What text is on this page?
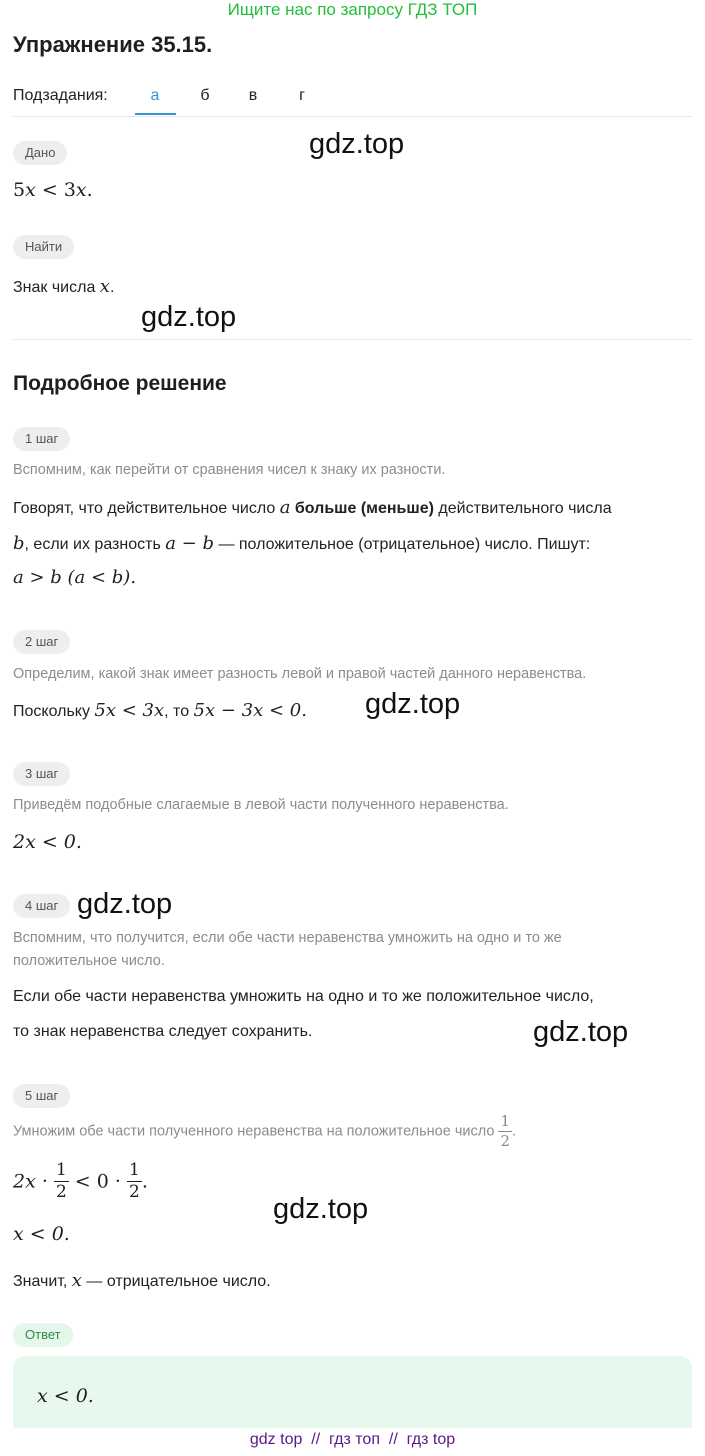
Ищите нас по запросу ГДЗ ТОП
Упражнение 35.15.
Подзадания:	а	б	в	г
Дано	gdz.top
5x < 3x.
Найти
Знак числа x.
gdz.top
Подробное решение
1 шаг
Вспомним, как перейти от сравнения чисел к знаку их разности.
Говорят, что действительное число a больше (меньше) действительного числа
b, если их разность a − b — положительное (отрицательное) число. Пишут:
a > b (a < b).
2 шаг
Определим, какой знак имеет разность левой и правой частей данного неравенства.
Поскольку 5x < 3x, то 5x − 3x < 0. gdz.top
3 шаг
Приведём подобные слагаемые в левой части полученного неравенства.
2x < 0.
4 шаг gdz.top
Вспомним, что получится, если обе части неравенства умножить на одно и то же
положительное число.
Если обе части неравенства умножить на одно и то же положительное число,
то знак неравенства следует сохранить.	gdz.top
5 шаг
Умножим обе части полученного неравенства на положительное число $\frac{1}{2}$ .
$2x \cdot \frac{1}{2} < 0 \cdot \frac{1}{2}$ .
gdz.top
x < 0.
Значит, x — отрицательное число.
Ответ
x < 0.
gdz top  //  гдз топ  //  гдз top
